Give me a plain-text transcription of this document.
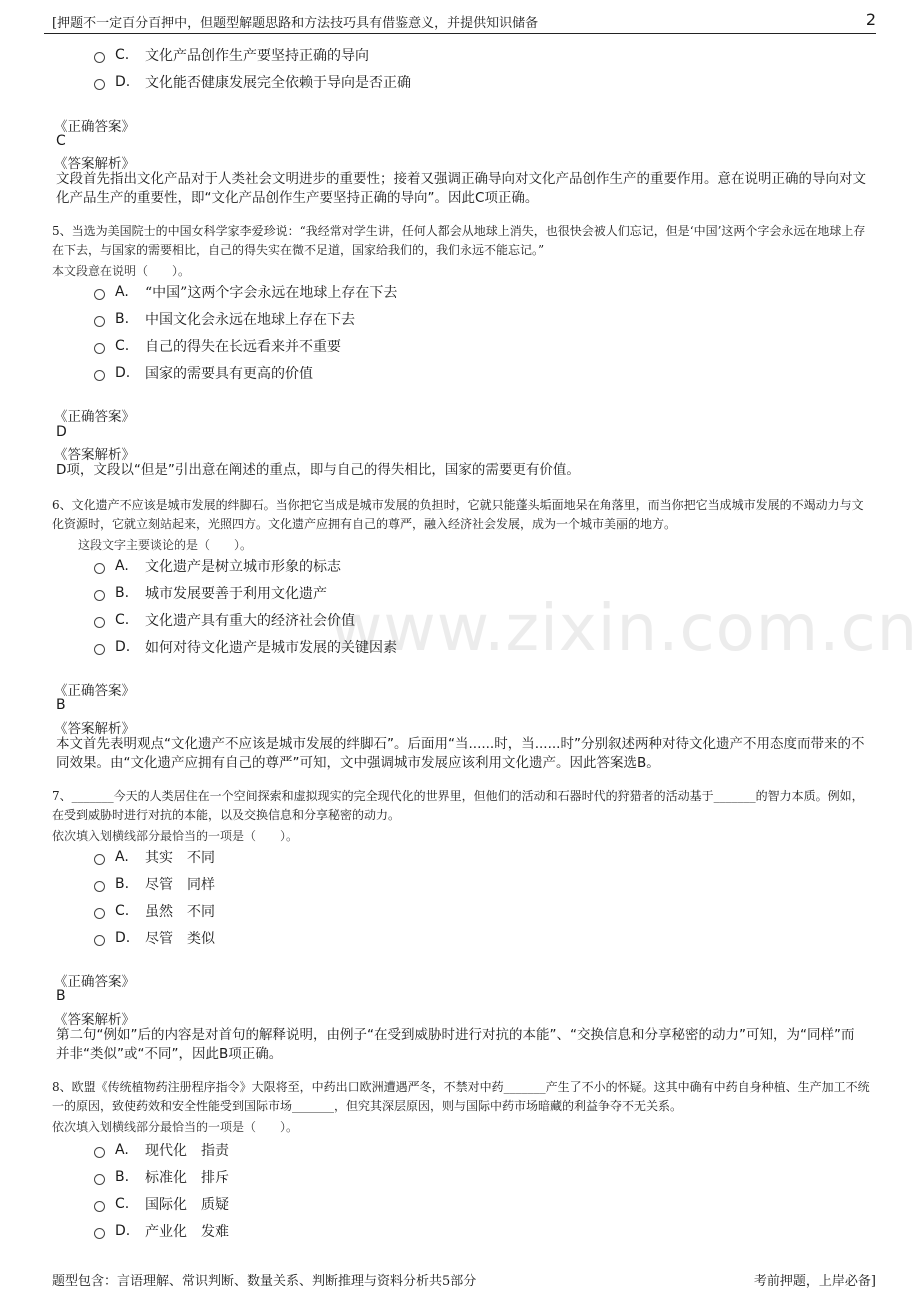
www.zixin.com.cn
[押题不一定百分百押中，但题型解题思路和方法技巧具有借鉴意义，并提供知识储备	2
C.	文化产品创作生产要坚持正确的导向
D.	文化能否健康发展完全依赖于导向是否正确
《正确答案》
C
《答案解析》
文段首先指出文化产品对于人类社会文明进步的重要性；接着又强调正确导向对文化产品创作生产的重要作用。意在说明正确的导向对文化产品生产的重要性，即“文化产品创作生产要坚持正确的导向”。因此C项正确。
5、当选为美国院士的中国女科学家李爱珍说：“我经常对学生讲，任何人都会从地球上消失，也很快会被人们忘记，但是‘中国’这两个字会永远在地球上存在下去，与国家的需要相比，自己的得失实在微不足道，国家给我们的，我们永远不能忘记。”
本文段意在说明（　　）。
A.	“中国”这两个字会永远在地球上存在下去
B.	中国文化会永远在地球上存在下去
C.	自己的得失在长远看来并不重要
D.	国家的需要具有更高的价值
《正确答案》
D
《答案解析》
D项，文段以“但是”引出意在阐述的重点，即与自己的得失相比，国家的需要更有价值。
6、文化遗产不应该是城市发展的绊脚石。当你把它当成是城市发展的负担时，它就只能蓬头垢面地呆在角落里，而当你把它当成城市发展的不竭动力与文化资源时，它就立刻站起来，光照四方。文化遗产应拥有自己的尊严，融入经济社会发展，成为一个城市美丽的地方。
这段文字主要谈论的是（　　）。
A.	文化遗产是树立城市形象的标志
B.	城市发展要善于利用文化遗产
C.	文化遗产具有重大的经济社会价值
D.	如何对待文化遗产是城市发展的关键因素
《正确答案》
B
《答案解析》
本文首先表明观点“文化遗产不应该是城市发展的绊脚石”。后面用“当......时，当......时”分别叙述两种对待文化遗产不用态度而带来的不同效果。由“文化遗产应拥有自己的尊严”可知，文中强调城市发展应该利用文化遗产。因此答案选B。
7、_______今天的人类居住在一个空间探索和虚拟现实的完全现代化的世界里，但他们的活动和石器时代的狩猎者的活动基于_______的智力本质。例如，在受到威胁时进行对抗的本能，以及交换信息和分享秘密的动力。
依次填入划横线部分最恰当的一项是（　　）。
A.	其实　不同
B.	尽管　同样
C.	虽然　不同
D.	尽管　类似
《正确答案》
B
《答案解析》
第二句“例如”后的内容是对首句的解释说明，由例子“在受到威胁时进行对抗的本能”、“交换信息和分享秘密的动力”可知，为“同样”而并非“类似”或“不同”，因此B项正确。
8、欧盟《传统植物药注册程序指令》大限将至，中药出口欧洲遭遇严冬，不禁对中药_______产生了不小的怀疑。这其中确有中药自身种植、生产加工不统一的原因，致使药效和安全性能受到国际市场_______，但究其深层原因，则与国际中药市场暗藏的利益争夺不无关系。
依次填入划横线部分最恰当的一项是（　　）。
A.	现代化　指责
B.	标准化　排斥
C.	国际化　质疑
D.	产业化　发难
题型包含：言语理解、常识判断、数量关系、判断推理与资料分析共5部分	考前押题，上岸必备]
